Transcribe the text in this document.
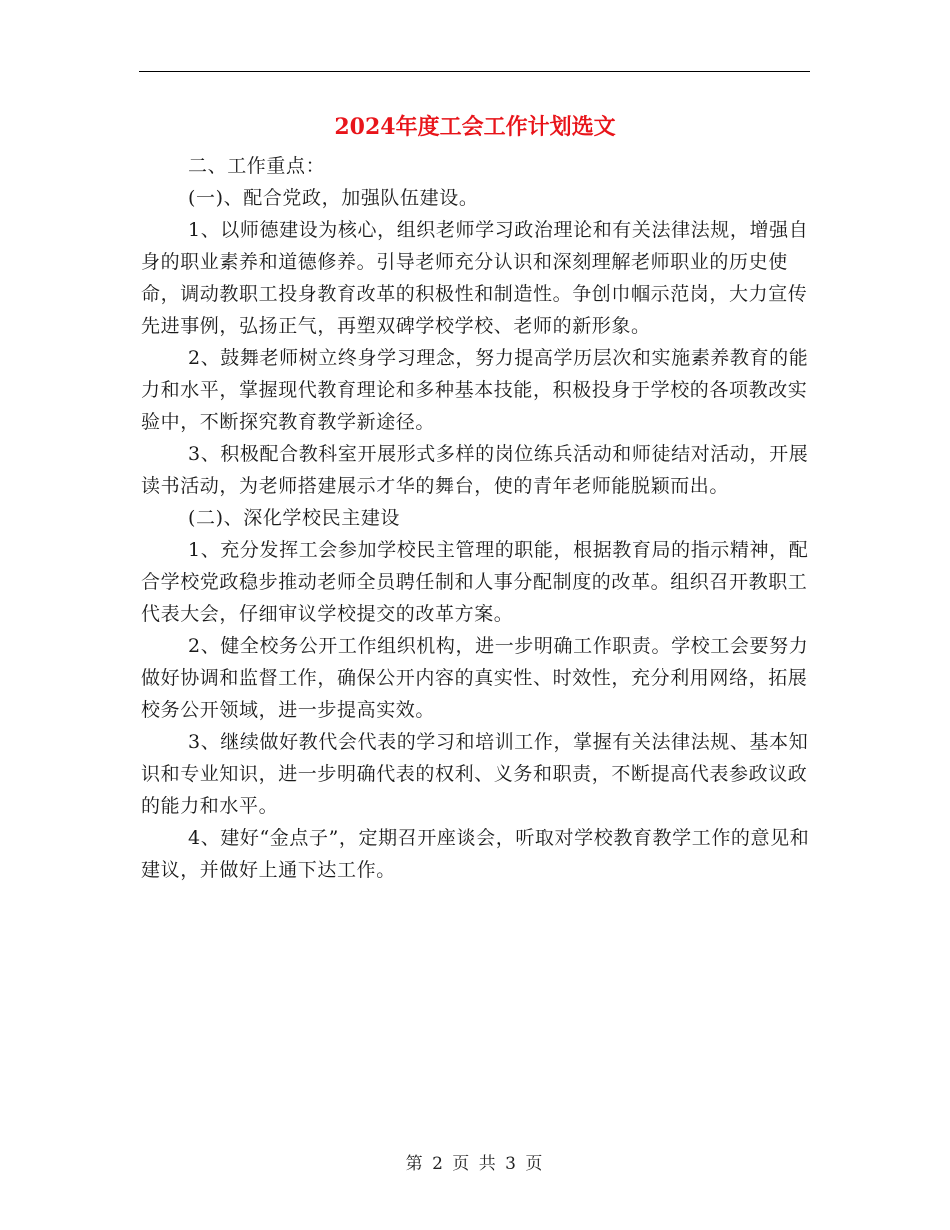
2024年度工会工作计划选文

二、工作重点：

(一)、配合党政，加强队伍建设。

1、以师德建设为核心，组织老师学习政治理论和有关法律法规，增强自身的职业素养和道德修养。引导老师充分认识和深刻理解老师职业的历史使命，调动教职工投身教育改革的积极性和制造性。争创巾帼示范岗，大力宣传先进事例，弘扬正气，再塑双碑学校学校、老师的新形象。

2、鼓舞老师树立终身学习理念，努力提高学历层次和实施素养教育的能力和水平，掌握现代教育理论和多种基本技能，积极投身于学校的各项教改实验中，不断探究教育教学新途径。

3、积极配合教科室开展形式多样的岗位练兵活动和师徒结对活动，开展读书活动，为老师搭建展示才华的舞台，使的青年老师能脱颖而出。

(二)、深化学校民主建设

1、充分发挥工会参加学校民主管理的职能，根据教育局的指示精神，配合学校党政稳步推动老师全员聘任制和人事分配制度的改革。组织召开教职工代表大会，仔细审议学校提交的改革方案。

2、健全校务公开工作组织机构，进一步明确工作职责。学校工会要努力做好协调和监督工作，确保公开内容的真实性、时效性，充分利用网络，拓展校务公开领域，进一步提高实效。

3、继续做好教代会代表的学习和培训工作，掌握有关法律法规、基本知识和专业知识，进一步明确代表的权利、义务和职责，不断提高代表参政议政的能力和水平。

4、建好“金点子”，定期召开座谈会，听取对学校教育教学工作的意见和建议，并做好上通下达工作。

第 2 页 共 3 页
